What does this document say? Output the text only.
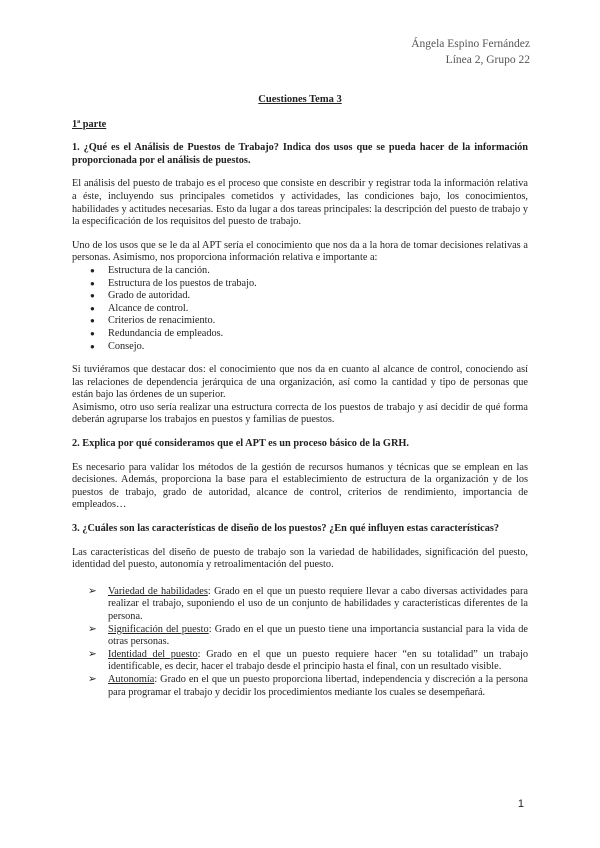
Ángela Espino Fernández
Línea 2, Grupo 22
Cuestiones Tema 3
1ª parte
1. ¿Qué es el Análisis de Puestos de Trabajo? Indica dos usos que se pueda hacer de la información proporcionada por el análisis de puestos.

El análisis del puesto de trabajo es el proceso que consiste en describir y registrar toda la información relativa a éste, incluyendo sus principales cometidos y actividades, las condiciones bajo, los conocimientos, habilidades y actitudes necesarias. Esto da lugar a dos tareas principales: la descripción del puesto de trabajo y la especificación de los requisitos del puesto de trabajo.

Uno de los usos que se le da al APT sería el conocimiento que nos da a la hora de tomar decisiones relativas a personas. Asimismo, nos proporciona información relativa e importante a:

● Estructura de la canción.
● Estructura de los puestos de trabajo.
● Grado de autoridad.
● Alcance de control.
● Criterios de renacimiento.
● Redundancia de empleados.
● Consejo.

Si tuviéramos que destacar dos: el conocimiento que nos da en cuanto al alcance de control, conociendo así las relaciones de dependencia jerárquica de una organización, así como la cantidad y tipo de personas que están bajo las órdenes de un superior.

Asimismo, otro uso sería realizar una estructura correcta de los puestos de trabajo y así decidir de qué forma deberán agruparse los trabajos en puestos y familias de puestos.

2. Explica por qué consideramos que el APT es un proceso básico de la GRH.

Es necesario para validar los métodos de la gestión de recursos humanos y técnicas que se emplean en las decisiones. Además, proporciona la base para el establecimiento de estructura de la organización y de los puestos de trabajo, grado de autoridad, alcance de control, criterios de rendimiento, importancia de empleados…

3. ¿Cuáles son las características de diseño de los puestos? ¿En qué influyen estas características?

Las características del diseño de puesto de trabajo son la variedad de habilidades, significación del puesto, identidad del puesto, autonomía y retroalimentación del puesto.

➢ Variedad de habilidades: Grado en el que un puesto requiere llevar a cabo diversas actividades para realizar el trabajo, suponiendo el uso de un conjunto de habilidades y características diferentes de la persona.
➢ Significación del puesto: Grado en el que un puesto tiene una importancia sustancial para la vida de otras personas.
➢ Identidad del puesto: Grado en el que un puesto requiere hacer “en su totalidad” un trabajo identificable, es decir, hacer el trabajo desde el principio hasta el final, con un resultado visible.
➢ Autonomía: Grado en el que un puesto proporciona libertad, independencia y discreción a la persona para programar el trabajo y decidir los procedimientos mediante los cuales se desempeñará.
1
